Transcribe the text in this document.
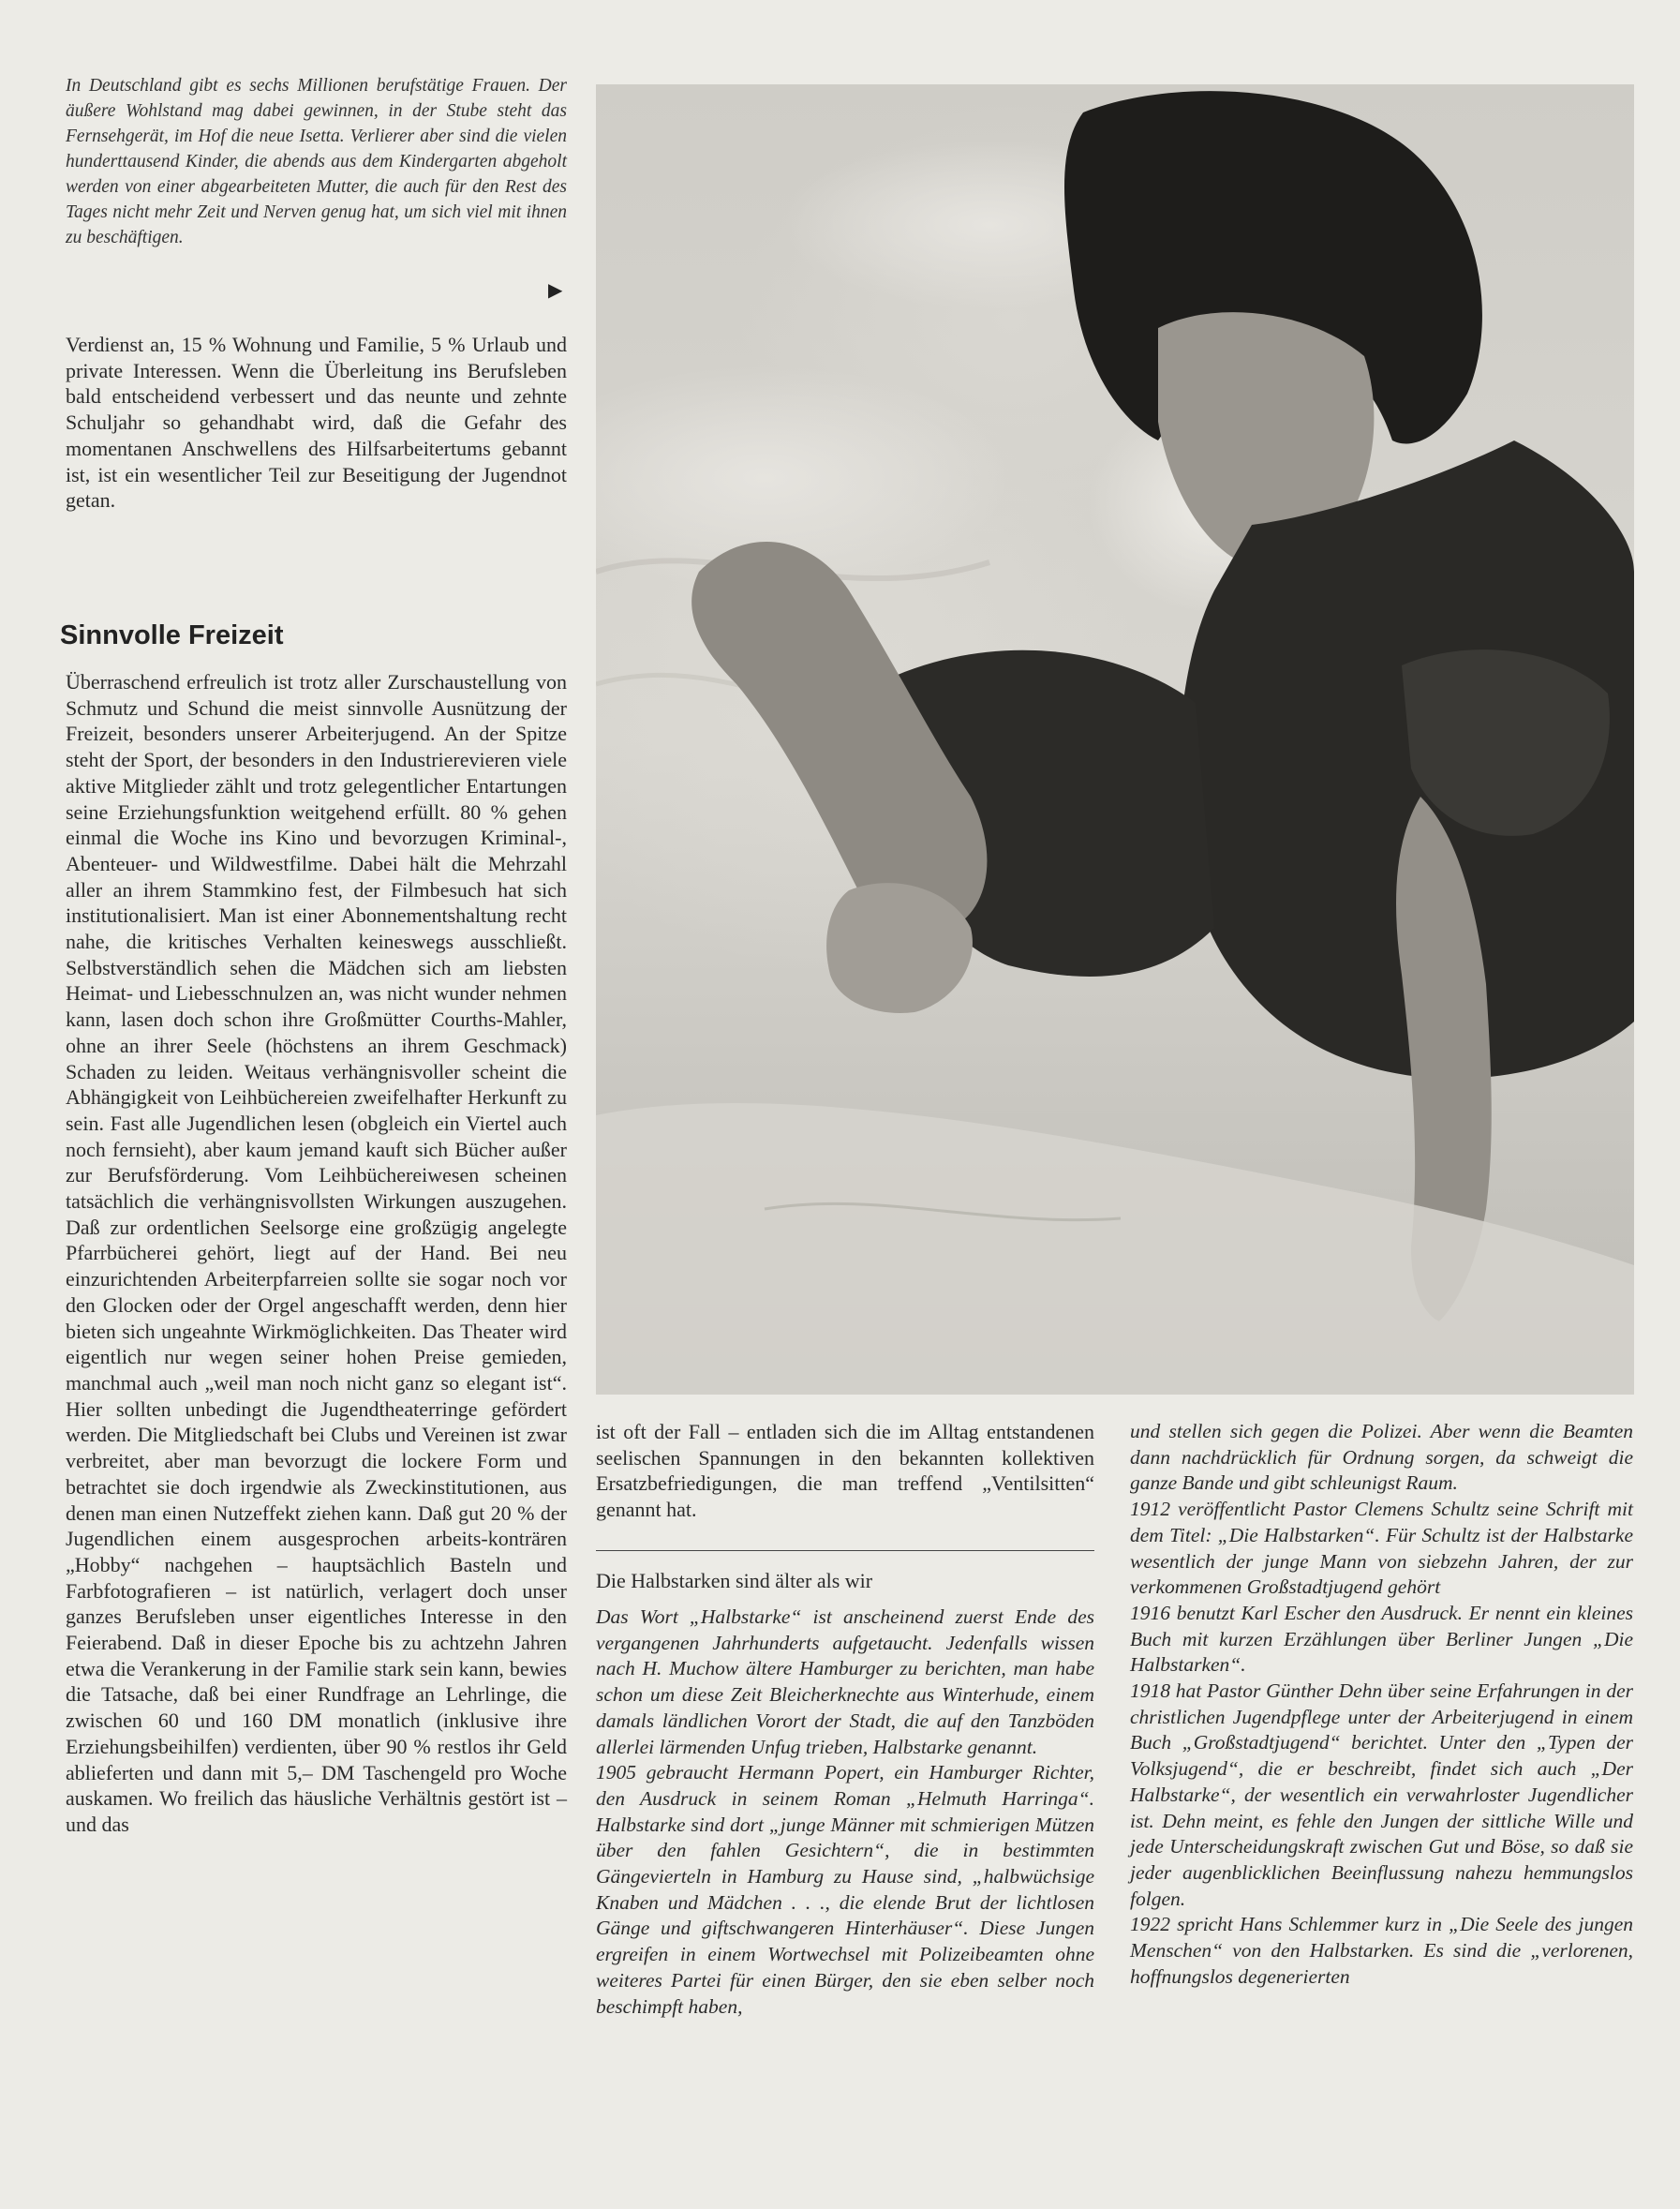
In Deutschland gibt es sechs Millionen berufstätige Frauen. Der äußere Wohlstand mag dabei gewinnen, in der Stube steht das Fernsehgerät, im Hof die neue Isetta. Verlierer aber sind die vielen hunderttausend Kinder, die abends aus dem Kindergarten abgeholt werden von einer abgearbeiteten Mutter, die auch für den Rest des Tages nicht mehr Zeit und Nerven genug hat, um sich viel mit ihnen zu beschäftigen.
▶
Verdienst an, 15 % Wohnung und Familie, 5 % Urlaub und private Interessen. Wenn die Überleitung ins Berufsleben bald entscheidend verbessert und das neunte und zehnte Schuljahr so gehandhabt wird, daß die Gefahr des momentanen Anschwellens des Hilfsarbeitertums gebannt ist, ist ein wesentlicher Teil zur Beseitigung der Jugendnot getan.
Sinnvolle Freizeit
Überraschend erfreulich ist trotz aller Zurschaustellung von Schmutz und Schund die meist sinnvolle Ausnützung der Freizeit, besonders unserer Arbeiterjugend. An der Spitze steht der Sport, der besonders in den Industrierevieren viele aktive Mitglieder zählt und trotz gelegentlicher Entartungen seine Erziehungsfunktion weitgehend erfüllt. 80 % gehen einmal die Woche ins Kino und bevorzugen Kriminal-, Abenteuer- und Wildwestfilme. Dabei hält die Mehrzahl aller an ihrem Stammkino fest, der Filmbesuch hat sich institutionalisiert. Man ist einer Abonnementshaltung recht nahe, die kritisches Verhalten keineswegs ausschließt. Selbstverständlich sehen die Mädchen sich am liebsten Heimat- und Liebesschnulzen an, was nicht wunder nehmen kann, lasen doch schon ihre Großmütter Courths-Mahler, ohne an ihrer Seele (höchstens an ihrem Geschmack) Schaden zu leiden. Weitaus verhängnisvoller scheint die Abhängigkeit von Leihbüchereien zweifelhafter Herkunft zu sein. Fast alle Jugendlichen lesen (obgleich ein Viertel auch noch fernsieht), aber kaum jemand kauft sich Bücher außer zur Berufsförderung. Vom Leihbüchereiwesen scheinen tatsächlich die verhängnisvollsten Wirkungen auszugehen. Daß zur ordentlichen Seelsorge eine großzügig angelegte Pfarrbücherei gehört, liegt auf der Hand. Bei neu einzurichtenden Arbeiterpfarreien sollte sie sogar noch vor den Glocken oder der Orgel angeschafft werden, denn hier bieten sich ungeahnte Wirkmöglichkeiten. Das Theater wird eigentlich nur wegen seiner hohen Preise gemieden, manchmal auch „weil man noch nicht ganz so elegant ist“. Hier sollten unbedingt die Jugendtheaterringe gefördert werden. Die Mitgliedschaft bei Clubs und Vereinen ist zwar verbreitet, aber man bevorzugt die lockere Form und betrachtet sie doch irgendwie als Zweckinstitutionen, aus denen man einen Nutzeffekt ziehen kann. Daß gut 20 % der Jugendlichen einem ausgesprochen arbeits-konträren „Hobby“ nachgehen – hauptsächlich Basteln und Farbfotografieren – ist natürlich, verlagert doch unser ganzes Berufsleben unser eigentliches Interesse in den Feierabend. Daß in dieser Epoche bis zu achtzehn Jahren etwa die Verankerung in der Familie stark sein kann, bewies die Tatsache, daß bei einer Rundfrage an Lehrlinge, die zwischen 60 und 160 DM monatlich (inklusive ihre Erziehungsbeihilfen) verdienten, über 90 % restlos ihr Geld ablieferten und dann mit 5,– DM Taschengeld pro Woche auskamen. Wo freilich das häusliche Verhältnis gestört ist – und das
ist oft der Fall – entladen sich die im Alltag entstandenen seelischen Spannungen in den bekannten kollektiven Ersatzbefriedigungen, die man treffend „Ventilsitten“ genannt hat.
Die Halbstarken sind älter als wir

Das Wort „Halbstarke“ ist anscheinend zuerst Ende des vergangenen Jahrhunderts aufgetaucht. Jedenfalls wissen nach H. Muchow ältere Hamburger zu berichten, man habe schon um diese Zeit Bleicherknechte aus Winterhude, einem damals ländlichen Vorort der Stadt, die auf den Tanzböden allerlei lärmenden Unfug trieben, Halbstarke genannt.

1905 gebraucht Hermann Popert, ein Hamburger Richter, den Ausdruck in seinem Roman „Helmuth Harringa“. Halbstarke sind dort „junge Männer mit schmierigen Mützen über den fahlen Gesichtern“, die in bestimmten Gängevierteln in Hamburg zu Hause sind, „halbwüchsige Knaben und Mädchen . . ., die elende Brut der lichtlosen Gänge und giftschwangeren Hinterhäuser“. Diese Jungen ergreifen in einem Wortwechsel mit Polizeibeamten ohne weiteres Partei für einen Bürger, den sie eben selber noch beschimpft haben,

und stellen sich gegen die Polizei. Aber wenn die Beamten dann nachdrücklich für Ordnung sorgen, da schweigt die ganze Bande und gibt schleunigst Raum.

1912 veröffentlicht Pastor Clemens Schultz seine Schrift mit dem Titel: „Die Halbstarken“. Für Schultz ist der Halbstarke wesentlich der junge Mann von siebzehn Jahren, der zur verkommenen Großstadtjugend gehört

1916 benutzt Karl Escher den Ausdruck. Er nennt ein kleines Buch mit kurzen Erzählungen über Berliner Jungen „Die Halbstarken“.

1918 hat Pastor Günther Dehn über seine Erfahrungen in der christlichen Jugendpflege unter der Arbeiterjugend in einem Buch „Großstadtjugend“ berichtet. Unter den „Typen der Volksjugend“, die er beschreibt, findet sich auch „Der Halbstarke“, der wesentlich ein verwahrloster Jugendlicher ist. Dehn meint, es fehle den Jungen der sittliche Wille und jede Unterscheidungskraft zwischen Gut und Böse, so daß sie jeder augenblicklichen Beeinflussung nahezu hemmungslos folgen.

1922 spricht Hans Schlemmer kurz in „Die Seele des jungen Menschen“ von den Halbstarken. Es sind die „verlorenen, hoffnungslos degenerierten
